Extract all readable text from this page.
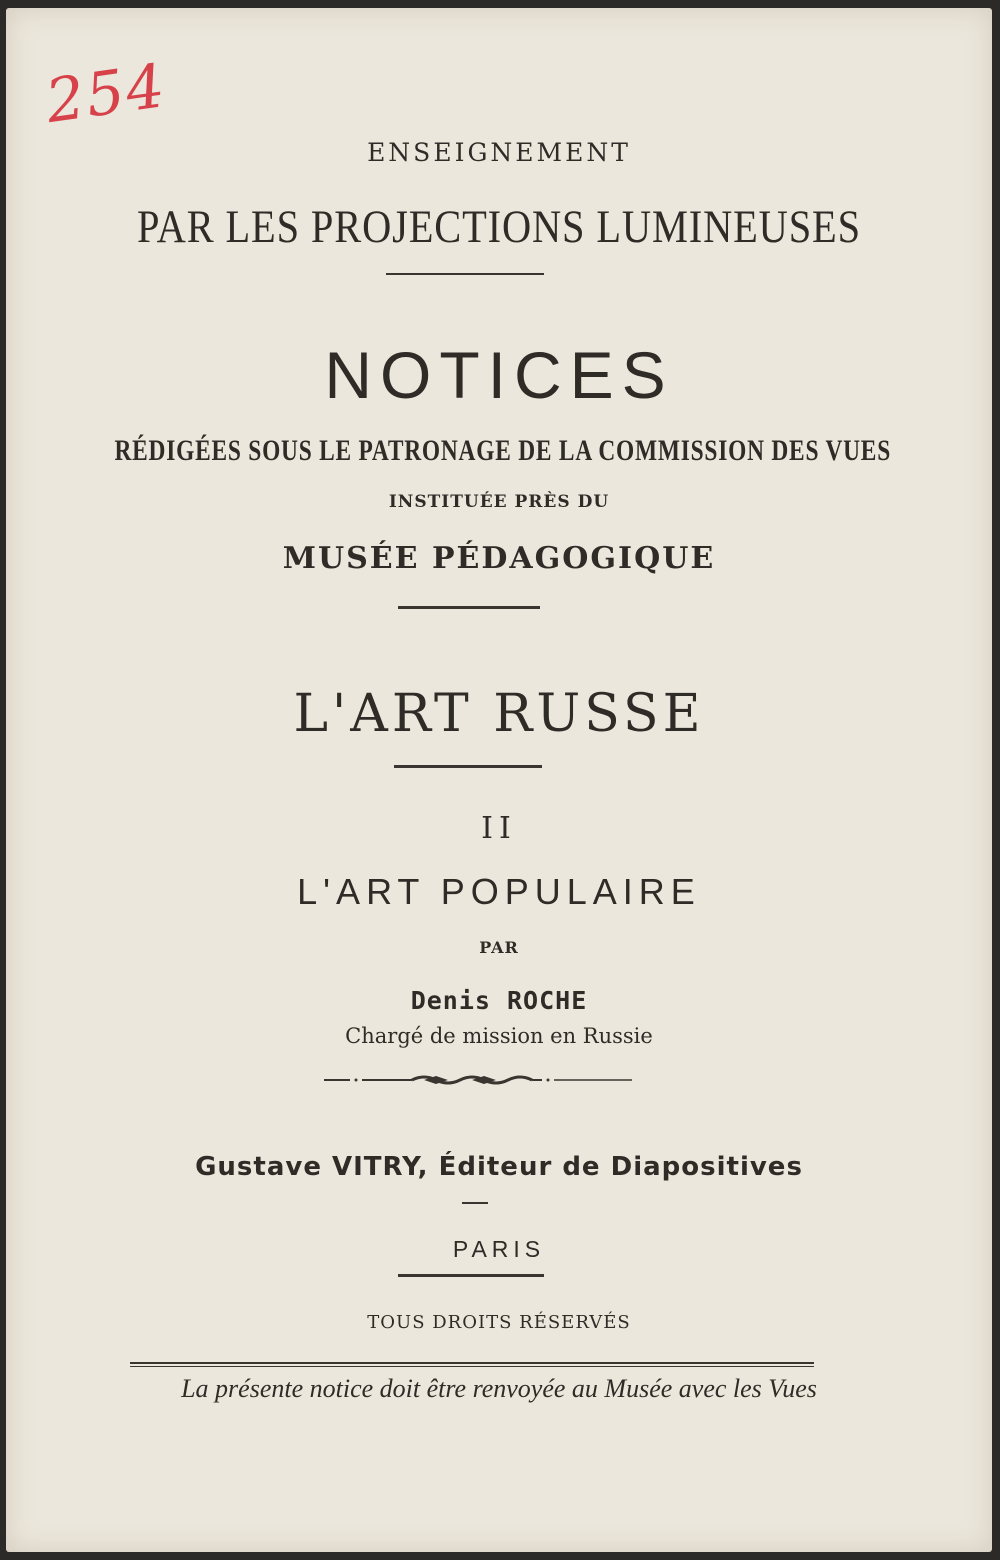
254
ENSEIGNEMENT
PAR LES PROJECTIONS LUMINEUSES
NOTICES
RÉDIGÉES SOUS LE PATRONAGE DE LA COMMISSION DES VUES
INSTITUÉE PRÈS DU
MUSÉE PÉDAGOGIQUE
L'ART RUSSE
II
L'ART POPULAIRE
PAR
Denis ROCHE
Chargé de mission en Russie
Gustave VITRY, Éditeur de Diapositives
PARIS
TOUS DROITS RÉSERVÉS
La présente notice doit être renvoyée au Musée avec les Vues
